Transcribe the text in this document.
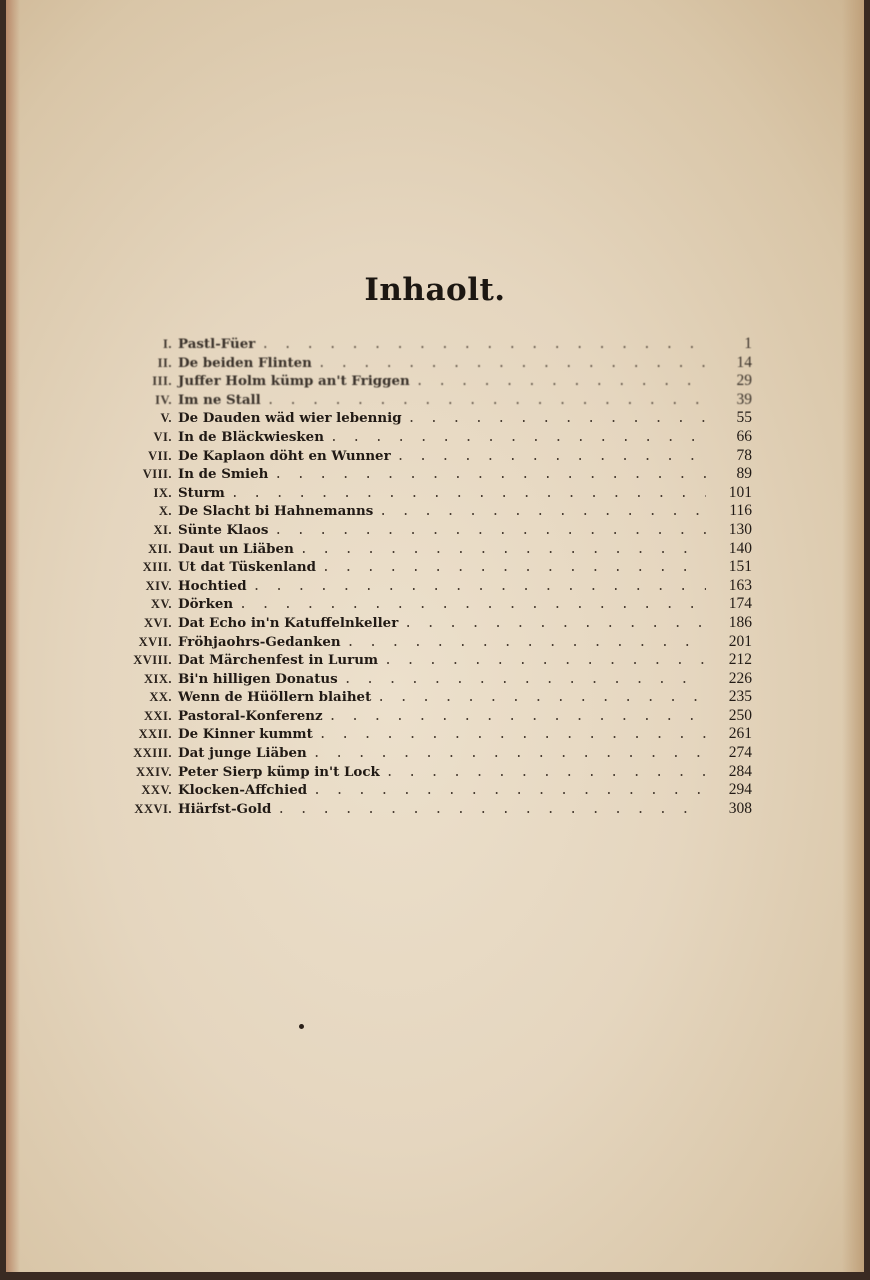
Inhaolt.
I. Pastl-Füer . . .	1
II. De beiden Flinten . . .	14
III. Juffer Holm kümp an't Friggen . . .	29
IV. Im ne Stall . . .	39
V. De Dauden wäd wier lebennig . . .	55
VI. In de Bläckwiesken . . .	66
VII. De Kaplaon döht en Wunner . . .	78
VIII. In de Smieh . . .	89
IX. Sturm . . .	101
X. De Slacht bi Hahnemanns . . .	116
XI. Sünte Klaos . . .	130
XII. Daut un Liäben . . .	140
XIII. Ut dat Tüskenland . . .	151
XIV. Hochtied . . .	163
XV. Dörken . . .	174
XVI. Dat Echo in'n Katuffelnkeller . . .	186
XVII. Fröhjaohrs-Gedanken . . .	201
XVIII. Dat Märchenfest in Lurum . . .	212
XIX. Bi'n hilligen Donatus . . .	226
XX. Wenn de Hüöllern blaihet . . .	235
XXI. Pastoral-Konferenz . . .	250
XXII. De Kinner kummt . . .	261
XXIII. Dat junge Liäben . . .	274
XXIV. Peter Sierp kümp in't Lock . . .	284
XXV. Klocken-Affchied . . .	294
XXVI. Hiärfst-Gold . . .	308
